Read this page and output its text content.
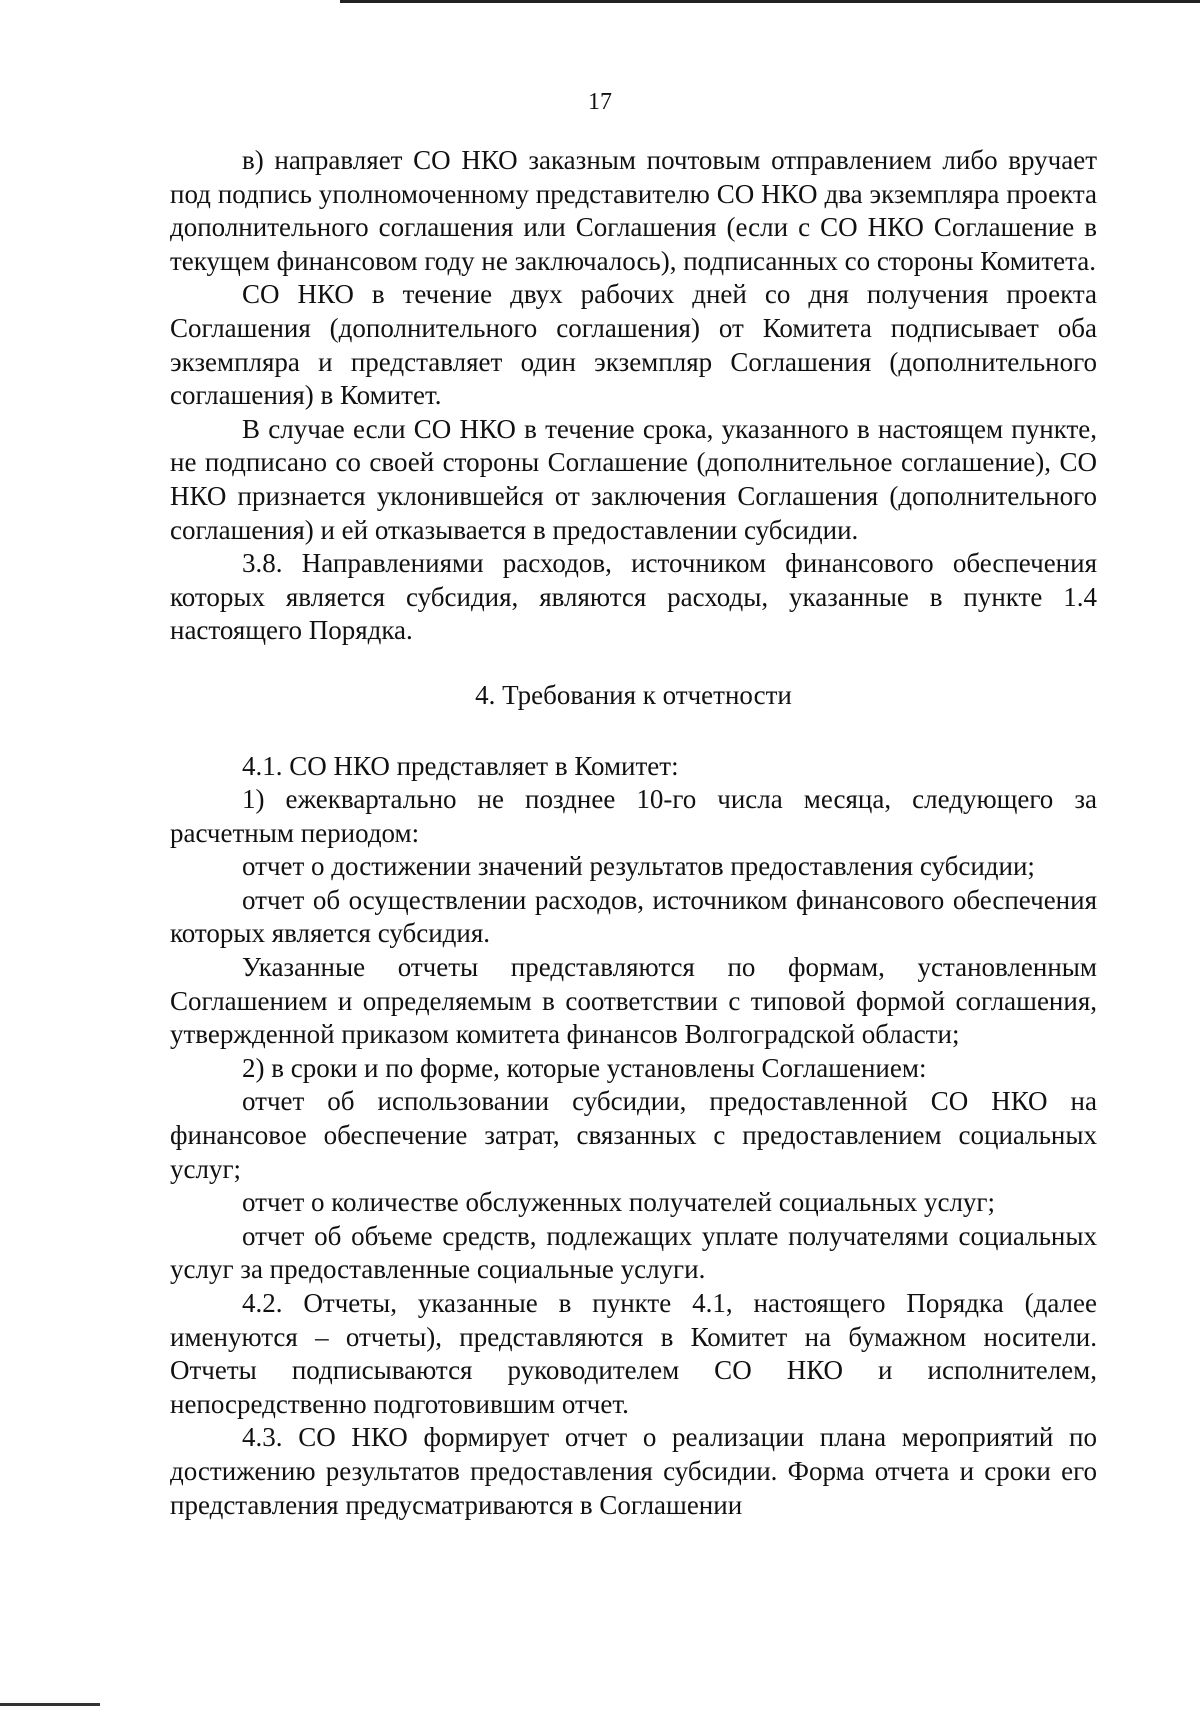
17

в) направляет СО НКО заказным почтовым отправлением либо вручает под подпись уполномоченному представителю СО НКО два экземпляра проекта дополнительного соглашения или Соглашения (если с СО НКО Соглашение в текущем финансовом году не заключалось), подписанных со стороны Комитета.

СО НКО в течение двух рабочих дней со дня получения проекта Соглашения (дополнительного соглашения) от Комитета подписывает оба экземпляра и представляет один экземпляр Соглашения (дополнительного соглашения) в Комитет.

В случае если СО НКО в течение срока, указанного в настоящем пункте, не подписано со своей стороны Соглашение (дополнительное соглашение), СО НКО признается уклонившейся от заключения Соглашения (дополнительного соглашения) и ей отказывается в предоставлении субсидии.

3.8. Направлениями расходов, источником финансового обеспечения которых является субсидия, являются расходы, указанные в пункте 1.4 настоящего Порядка.

4. Требования к отчетности

4.1. СО НКО представляет в Комитет:

1) ежеквартально не позднее 10-го числа месяца, следующего за расчетным периодом:

отчет о достижении значений результатов предоставления субсидии;

отчет об осуществлении расходов, источником финансового обеспечения которых является субсидия.

Указанные отчеты представляются по формам, установленным Соглашением и определяемым в соответствии с типовой формой соглашения, утвержденной приказом комитета финансов Волгоградской области;

2) в сроки и по форме, которые установлены Соглашением:

отчет об использовании субсидии, предоставленной СО НКО на финансовое обеспечение затрат, связанных с предоставлением социальных услуг;

отчет о количестве обслуженных получателей социальных услуг;

отчет об объеме средств, подлежащих уплате получателями социальных услуг за предоставленные социальные услуги.

4.2. Отчеты, указанные в пункте 4.1, настоящего Порядка (далее именуются – отчеты), представляются в Комитет на бумажном носители. Отчеты подписываются руководителем СО НКО и исполнителем, непосредственно подготовившим отчет.

4.3. СО НКО формирует отчет о реализации плана мероприятий по достижению результатов предоставления субсидии. Форма отчета и сроки его представления предусматриваются в Соглашении
